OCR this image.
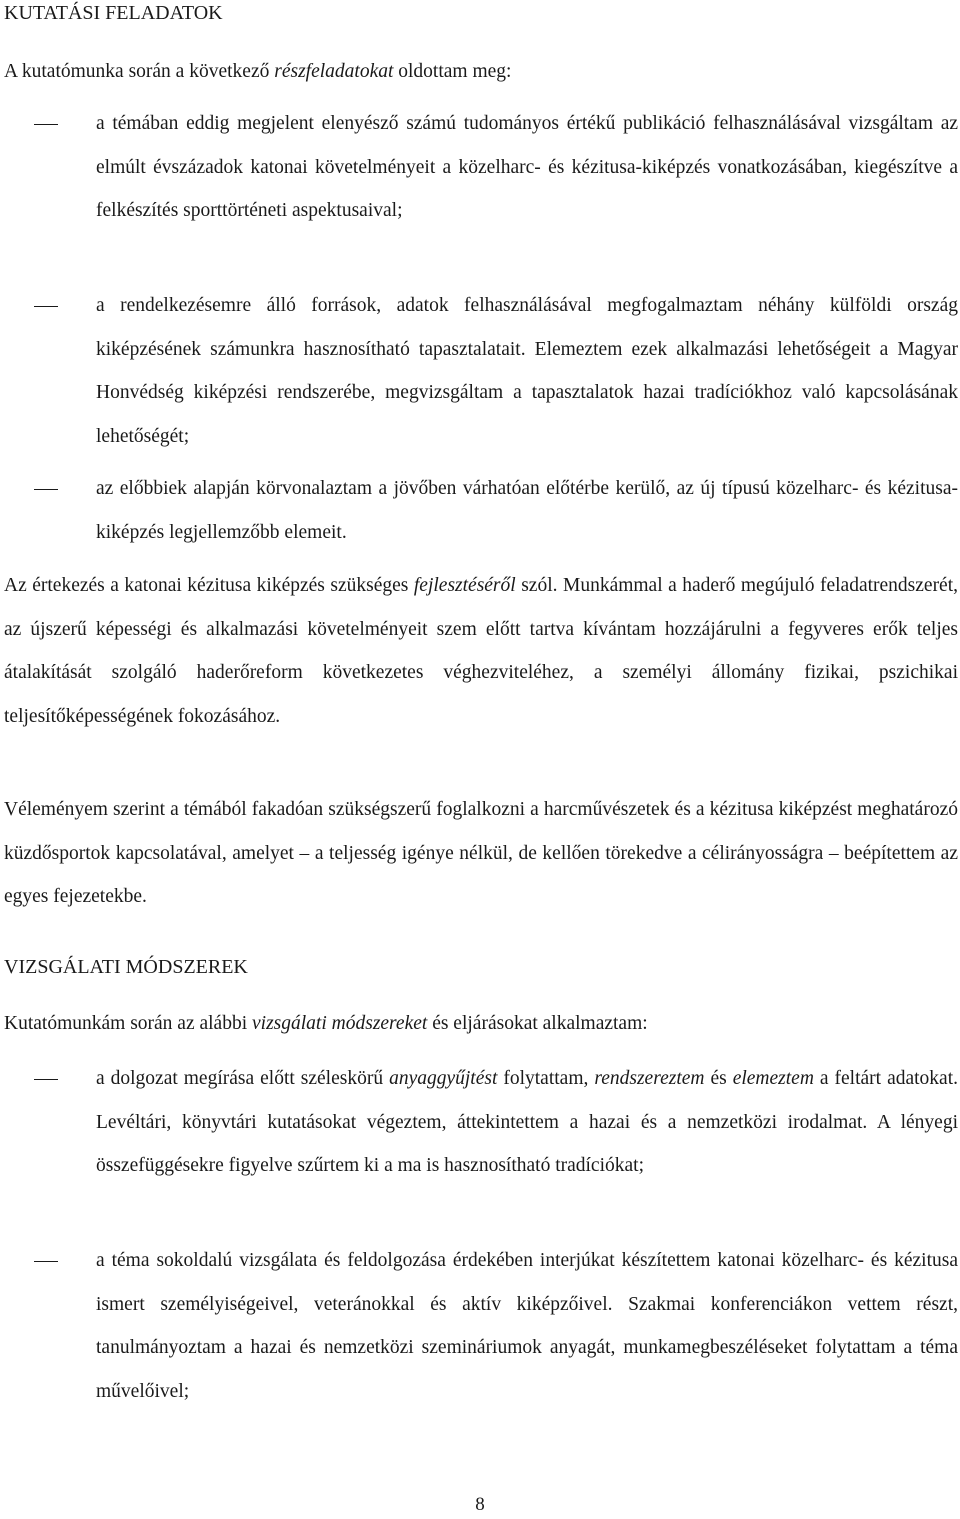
KUTATÁSI FELADATOK

A kutatómunka során a következő részfeladatokat oldottam meg:

a témában eddig megjelent elenyésző számú tudományos értékű publikáció felhasználásával vizsgáltam az elmúlt évszázadok katonai követelményeit a közelharc- és kézitusa-kiképzés vonatkozásában, kiegészítve a felkészítés sporttörténeti aspektusaival;

a rendelkezésemre álló források, adatok felhasználásával megfogalmaztam néhány külföldi ország kiképzésének számunkra hasznosítható tapasztalatait. Elemeztem ezek alkalmazási lehetőségeit a Magyar Honvédség kiképzési rendszerébe, megvizsgáltam a tapasztalatok hazai tradíciókhoz való kapcsolásának lehetőségét;

az előbbiek alapján körvonalaztam a jövőben várhatóan előtérbe kerülő, az új típusú közelharc- és kézitusa-kiképzés legjellemzőbb elemeit.

Az értekezés a katonai kézitusa kiképzés szükséges fejlesztéséről szól. Munkámmal a haderő megújuló feladatrendszerét, az újszerű képességi és alkalmazási követelményeit szem előtt tartva kívántam hozzájárulni a fegyveres erők teljes átalakítását szolgáló haderőreform következetes véghezviteléhez, a személyi állomány fizikai, pszichikai teljesítőképességének fokozásához.

Véleményem szerint a témából fakadóan szükségszerű foglalkozni a harcművészetek és a kézitusa kiképzést meghatározó küzdősportok kapcsolatával, amelyet – a teljesség igénye nélkül, de kellően törekedve a célirányosságra – beépítettem az egyes fejezetekbe.

VIZSGÁLATI MÓDSZEREK

Kutatómunkám során az alábbi vizsgálati módszereket és eljárásokat alkalmaztam:

a dolgozat megírása előtt széleskörű anyaggyűjtést folytattam, rendszereztem és elemeztem a feltárt adatokat. Levéltári, könyvtári kutatásokat végeztem, áttekintettem a hazai és a nemzetközi irodalmat. A lényegi összefüggésekre figyelve szűrtem ki a ma is hasznosítható tradíciókat;

a téma sokoldalú vizsgálata és feldolgozása érdekében interjúkat készítettem katonai közelharc- és kézitusa ismert személyiségeivel, veteránokkal és aktív kiképzőivel. Szakmai konferenciákon vettem részt, tanulmányoztam a hazai és nemzetközi szemináriumok anyagát, munkamegbeszéléseket folytattam a téma művelőivel;

8
